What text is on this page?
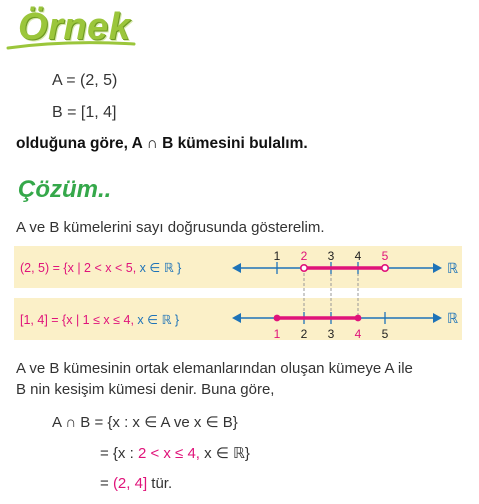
Örnek
A = (2, 5)
B = [1, 4]
olduğuna göre, A ∩ B kümesini bulalım.
Çözüm..
A ve B kümelerini sayı doğrusunda gösterelim.
(2, 5) = {x | 2 < x < 5, x ∈ ℝ }
[1, 4] = {x | 1 ≤ x ≤ 4, x ∈ ℝ }
1 2 3 4 5
ℝ
1 2 3 4 5
ℝ
A ve B kümesinin ortak elemanlarından oluşan kümeye A ile
B nin kesişim kümesi denir. Buna göre,
A ∩ B = {x : x ∈ A ve x ∈ B}
= {x : 2 < x ≤ 4, x ∈ ℝ}
= (2, 4] tür.
